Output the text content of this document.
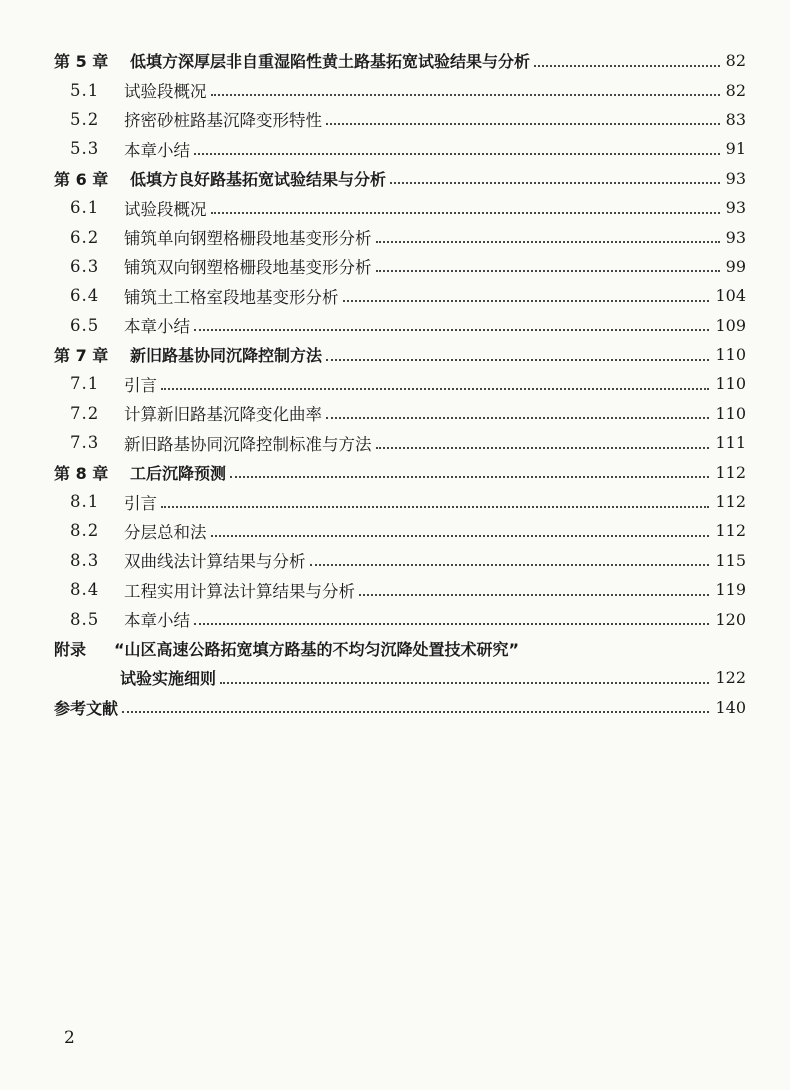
第 5 章	低填方深厚层非自重湿陷性黄土路基拓宽试验结果与分析	82
5.1	试验段概况	82
5.2	挤密砂桩路基沉降变形特性	83
5.3	本章小结	91
第 6 章	低填方良好路基拓宽试验结果与分析	93
6.1	试验段概况	93
6.2	铺筑单向钢塑格栅段地基变形分析	93
6.3	铺筑双向钢塑格栅段地基变形分析	99
6.4	铺筑土工格室段地基变形分析	104
6.5	本章小结	109
第 7 章	新旧路基协同沉降控制方法	110
7.1	引言	110
7.2	计算新旧路基沉降变化曲率	110
7.3	新旧路基协同沉降控制标准与方法	111
第 8 章	工后沉降预测	112
8.1	引言	112
8.2	分层总和法	112
8.3	双曲线法计算结果与分析	115
8.4	工程实用计算法计算结果与分析	119
8.5	本章小结	120
附录	“山区高速公路拓宽填方路基的不均匀沉降处置技术研究”
试验实施细则	122
参考文献	140
2
